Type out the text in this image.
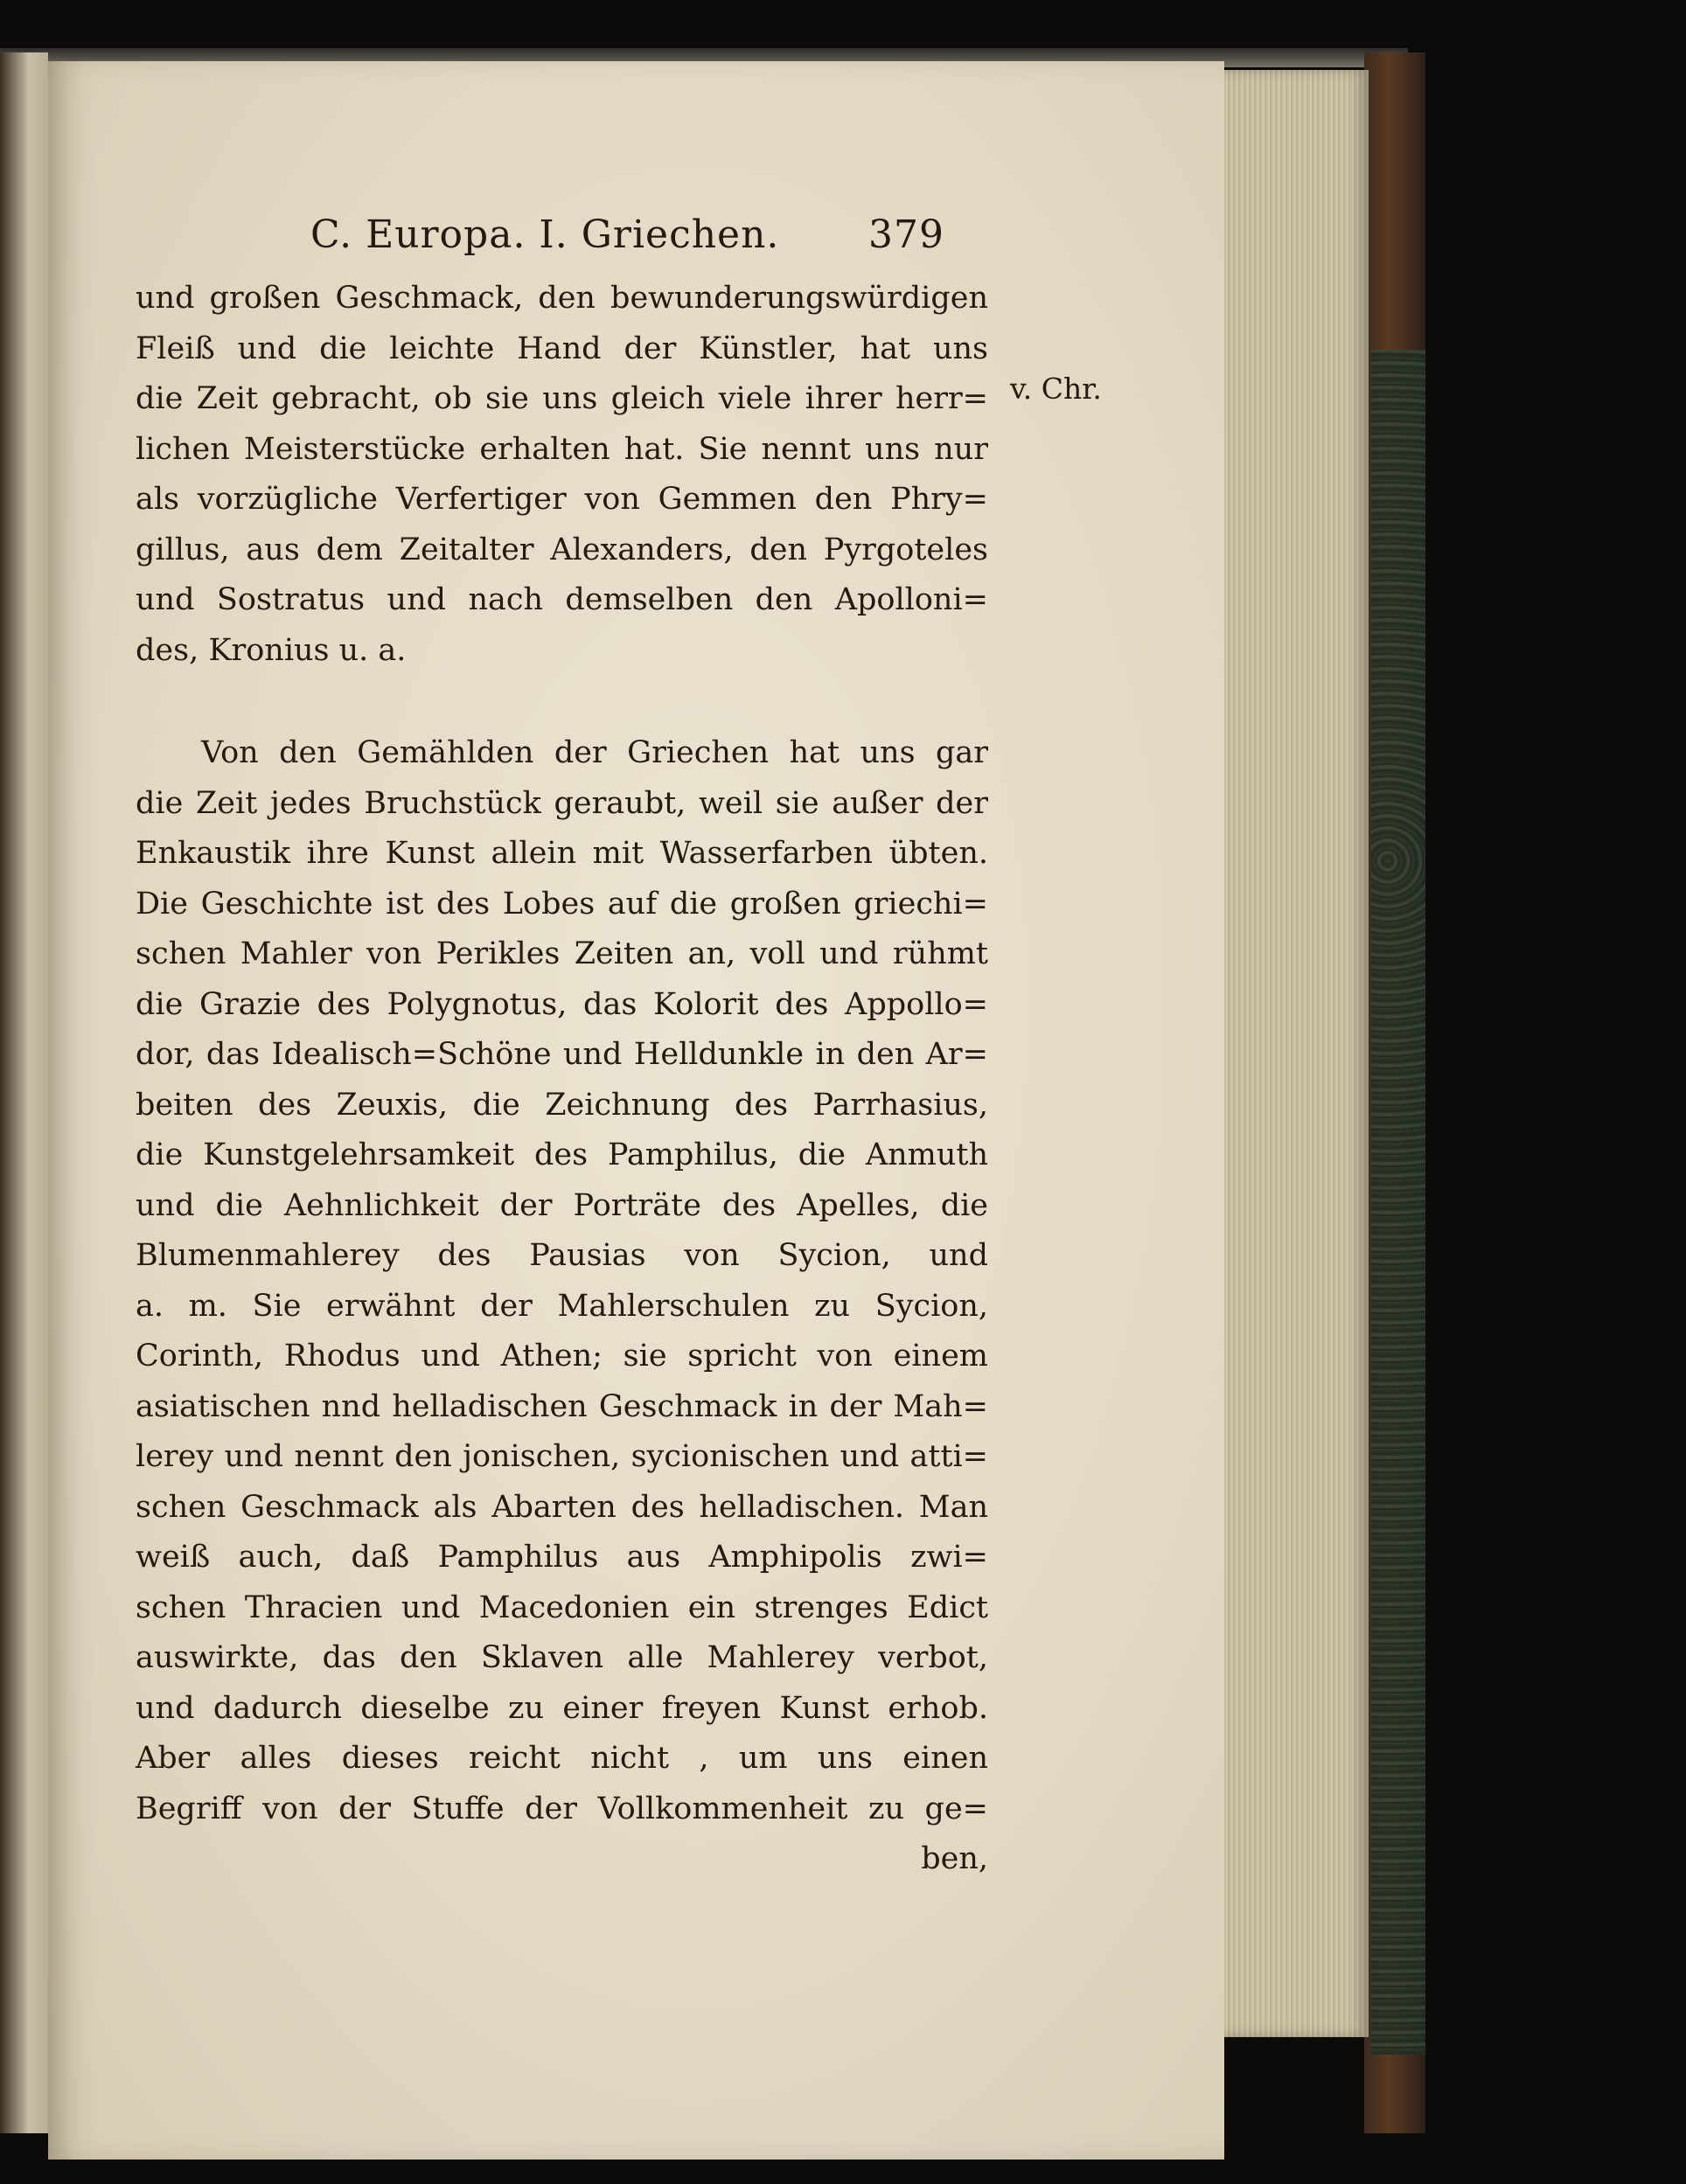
v. Chr.
C. Europa. I. Griechen. 379
und großen Geschmack, den bewunderungswürdigen
Fleiß und die leichte Hand der Künstler, hat uns
die Zeit gebracht, ob sie uns gleich viele ihrer herr=
lichen Meisterstücke erhalten hat. Sie nennt uns nur
als vorzügliche Verfertiger von Gemmen den Phry=
gillus, aus dem Zeitalter Alexanders, den Pyrgoteles
und Sostratus und nach demselben den Apolloni=
des, Kronius u. a.
Von den Gemählden der Griechen hat uns gar
die Zeit jedes Bruchstück geraubt, weil sie außer der
Enkaustik ihre Kunst allein mit Wasserfarben übten.
Die Geschichte ist des Lobes auf die großen griechi=
schen Mahler von Perikles Zeiten an, voll und rühmt
die Grazie des Polygnotus, das Kolorit des Appollo=
dor, das Idealisch=Schöne und Helldunkle in den Ar=
beiten des Zeuxis, die Zeichnung des Parrhasius,
die Kunstgelehrsamkeit des Pamphilus, die Anmuth
und die Aehnlichkeit der Porträte des Apelles, die
Blumenmahlerey des Pausias von Sycion, und
a. m. Sie erwähnt der Mahlerschulen zu Sycion,
Corinth, Rhodus und Athen; sie spricht von einem
asiatischen nnd helladischen Geschmack in der Mah=
lerey und nennt den jonischen, sycionischen und atti=
schen Geschmack als Abarten des helladischen. Man
weiß auch, daß Pamphilus aus Amphipolis zwi=
schen Thracien und Macedonien ein strenges Edict
auswirkte, das den Sklaven alle Mahlerey verbot,
und dadurch dieselbe zu einer freyen Kunst erhob.
Aber alles dieses reicht nicht , um uns einen
Begriff von der Stuffe der Vollkommenheit zu ge=
ben,
